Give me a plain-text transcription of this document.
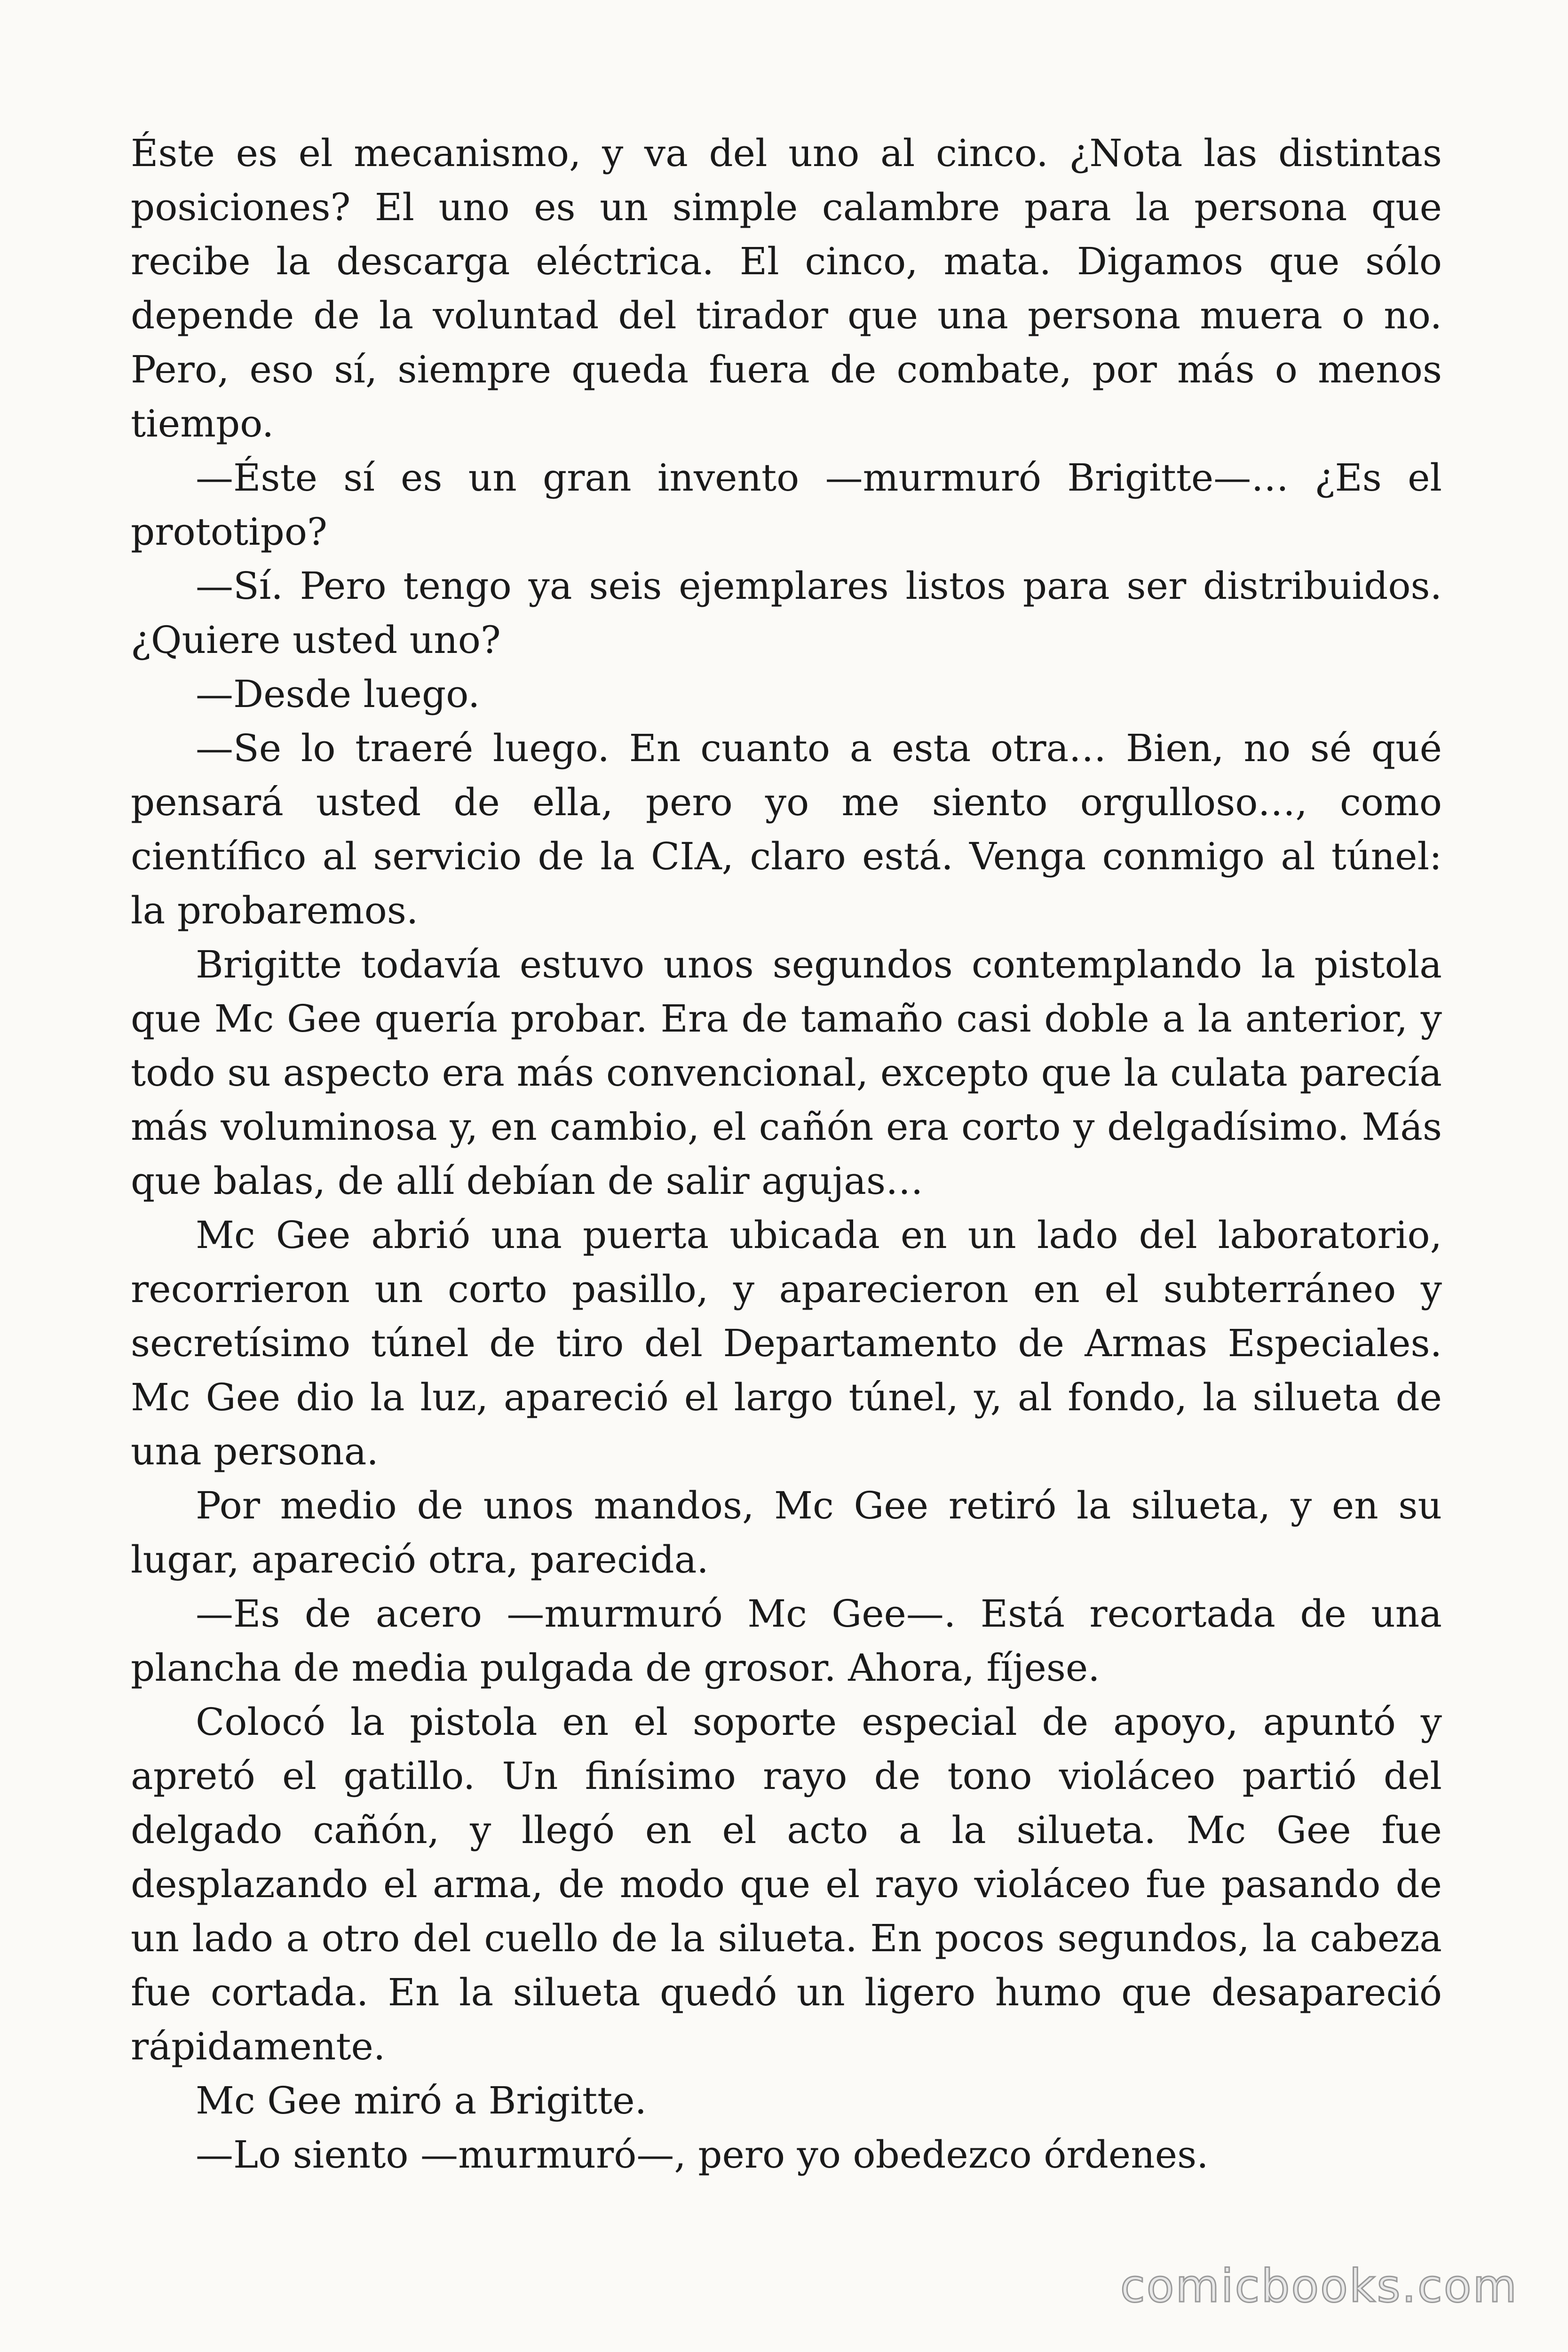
Éste es el mecanismo, y va del uno al cinco. ¿Nota las distintas posiciones? El uno es un simple calambre para la persona que recibe la descarga eléctrica. El cinco, mata. Digamos que sólo depende de la voluntad del tirador que una persona muera o no. Pero, eso sí, siempre queda fuera de combate, por más o menos tiempo.

—Éste sí es un gran invento —murmuró Brigitte—… ¿Es el prototipo?

—Sí. Pero tengo ya seis ejemplares listos para ser distribuidos. ¿Quiere usted uno?

—Desde luego.

—Se lo traeré luego. En cuanto a esta otra… Bien, no sé qué pensará usted de ella, pero yo me siento orgulloso…, como científico al servicio de la CIA, claro está. Venga conmigo al túnel: la probaremos.

Brigitte todavía estuvo unos segundos contemplando la pistola que Mc Gee quería probar. Era de tamaño casi doble a la anterior, y todo su aspecto era más convencional, excepto que la culata parecía más voluminosa y, en cambio, el cañón era corto y delgadísimo. Más que balas, de allí debían de salir agujas…

Mc Gee abrió una puerta ubicada en un lado del laboratorio, recorrieron un corto pasillo, y aparecieron en el subterráneo y secretísimo túnel de tiro del Departamento de Armas Especiales. Mc Gee dio la luz, apareció el largo túnel, y, al fondo, la silueta de una persona.

Por medio de unos mandos, Mc Gee retiró la silueta, y en su lugar, apareció otra, parecida.

—Es de acero —murmuró Mc Gee—. Está recortada de una plancha de media pulgada de grosor. Ahora, fíjese.

Colocó la pistola en el soporte especial de apoyo, apuntó y apretó el gatillo. Un finísimo rayo de tono violáceo partió del delgado cañón, y llegó en el acto a la silueta. Mc Gee fue desplazando el arma, de modo que el rayo violáceo fue pasando de un lado a otro del cuello de la silueta. En pocos segundos, la cabeza fue cortada. En la silueta quedó un ligero humo que desapareció rápidamente.

Mc Gee miró a Brigitte.

—Lo siento —murmuró—, pero yo obedezco órdenes.

comicbooks.com
